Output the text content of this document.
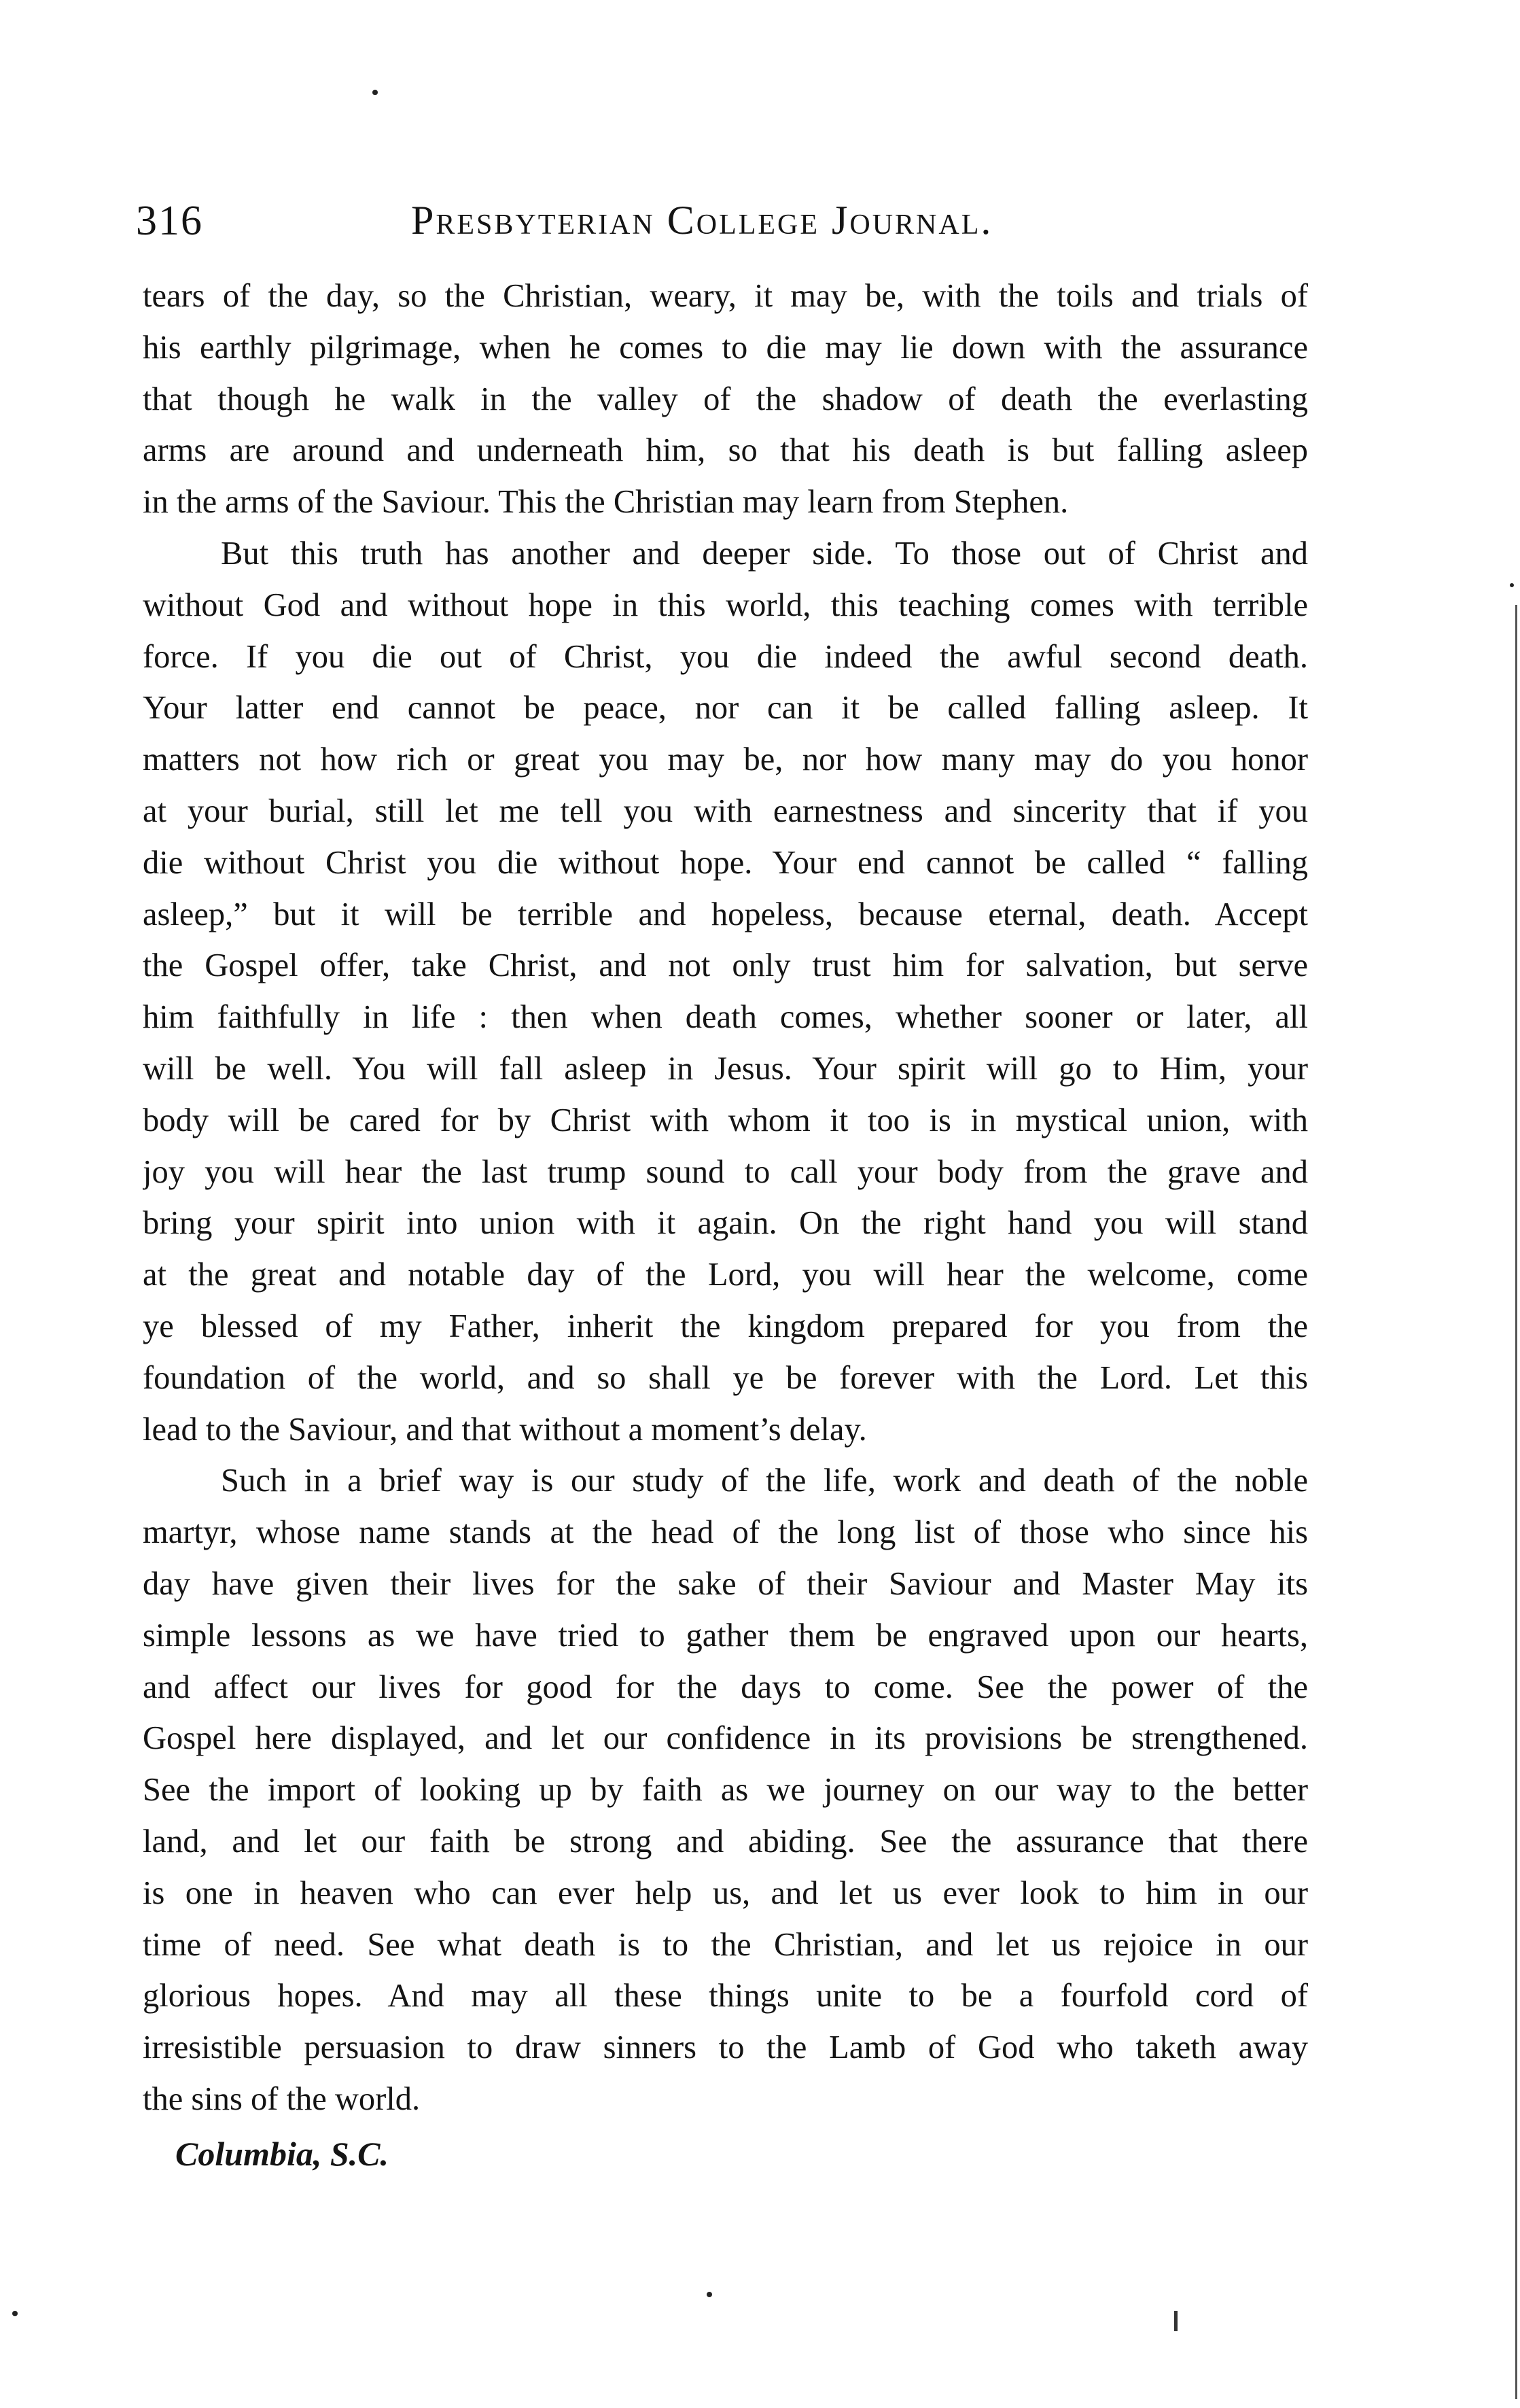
316	Presbyterian College Journal.

tears of the day, so the Christian, weary, it may be, with the toils and trials of
his earthly pilgrimage, when he comes to die may lie down with the assurance
that though he walk in the valley of the shadow of death the everlasting
arms are around and underneath him, so that his death is but falling asleep
in the arms of the Saviour. This the Christian may learn from Stephen.

But this truth has another and deeper side. To those out of Christ and
without God and without hope in this world, this teaching comes with terrible
force. If you die out of Christ, you die indeed the awful second death.
Your latter end cannot be peace, nor can it be called falling asleep. It
matters not how rich or great you may be, nor how many may do you honor
at your burial, still let me tell you with earnestness and sincerity that if you
die without Christ you die without hope. Your end cannot be called “ falling
asleep,” but it will be terrible and hopeless, because eternal, death. Accept
the Gospel offer, take Christ, and not only trust him for salvation, but serve
him faithfully in life : then when death comes, whether sooner or later, all
will be well. You will fall asleep in Jesus. Your spirit will go to Him, your
body will be cared for by Christ with whom it too is in mystical union, with
joy you will hear the last trump sound to call your body from the grave and
bring your spirit into union with it again. On the right hand you will stand
at the great and notable day of the Lord, you will hear the welcome, come
ye blessed of my Father, inherit the kingdom prepared for you from the
foundation of the world, and so shall ye be forever with the Lord. Let this
lead to the Saviour, and that without a moment’s delay.

Such in a brief way is our study of the life, work and death of the noble
martyr, whose name stands at the head of the long list of those who since his
day have given their lives for the sake of their Saviour and Master May its
simple lessons as we have tried to gather them be engraved upon our hearts,
and affect our lives for good for the days to come. See the power of the
Gospel here displayed, and let our confidence in its provisions be strengthened.
See the import of looking up by faith as we journey on our way to the better
land, and let our faith be strong and abiding. See the assurance that there
is one in heaven who can ever help us, and let us ever look to him in our
time of need. See what death is to the Christian, and let us rejoice in our
glorious hopes. And may all these things unite to be a fourfold cord of
irresistible persuasion to draw sinners to the Lamb of God who taketh away
the sins of the world.

Columbia, S.C.
